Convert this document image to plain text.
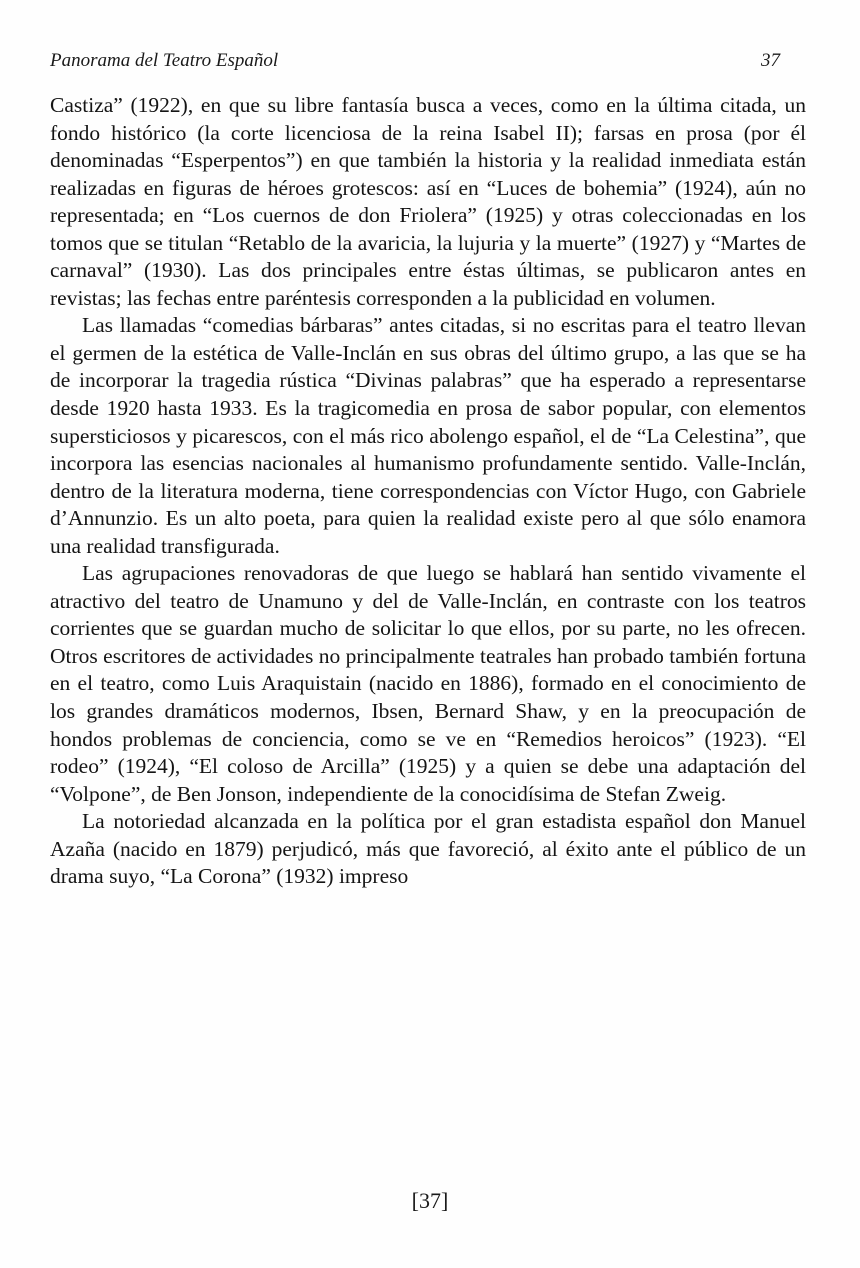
Panorama del Teatro Español	37

Castiza” (1922), en que su libre fantasía busca a veces, como en la última citada, un fondo histórico (la corte licenciosa de la reina Isabel II); farsas en prosa (por él denominadas “Esperpentos”) en que también la historia y la realidad inmediata están realizadas en figuras de héroes grotescos: así en “Luces de bohemia” (1924), aún no representada; en “Los cuernos de don Friolera” (1925) y otras coleccionadas en los tomos que se titulan “Retablo de la avaricia, la lujuria y la muerte” (1927) y “Martes de carnaval” (1930). Las dos principales entre éstas últimas, se publicaron antes en revistas; las fechas entre paréntesis corresponden a la publicidad en volumen.

Las llamadas “comedias bárbaras” antes citadas, si no escritas para el teatro llevan el germen de la estética de Valle-Inclán en sus obras del último grupo, a las que se ha de incorporar la tragedia rústica “Divinas palabras” que ha esperado a representarse desde 1920 hasta 1933. Es la tragicomedia en prosa de sabor popular, con elementos supersticiosos y picarescos, con el más rico abolengo español, el de “La Celestina”, que incorpora las esencias nacionales al humanismo profundamente sentido. Valle-Inclán, dentro de la literatura moderna, tiene correspondencias con Víctor Hugo, con Gabriele d’Annunzio. Es un alto poeta, para quien la realidad existe pero al que sólo enamora una realidad transfigurada.

Las agrupaciones renovadoras de que luego se hablará han sentido vivamente el atractivo del teatro de Unamuno y del de Valle-Inclán, en contraste con los teatros corrientes que se guardan mucho de solicitar lo que ellos, por su parte, no les ofrecen. Otros escritores de actividades no principalmente teatrales han probado también fortuna en el teatro, como Luis Araquistain (nacido en 1886), formado en el conocimiento de los grandes dramáticos modernos, Ibsen, Bernard Shaw, y en la preocupación de hondos problemas de conciencia, como se ve en “Remedios heroicos” (1923). “El rodeo” (1924), “El coloso de Arcilla” (1925) y a quien se debe una adaptación del “Volpone”, de Ben Jonson, independiente de la conocidísima de Stefan Zweig.

La notoriedad alcanzada en la política por el gran estadista español don Manuel Azaña (nacido en 1879) perjudicó, más que favoreció, al éxito ante el público de un drama suyo, “La Corona” (1932) impreso

[37]
